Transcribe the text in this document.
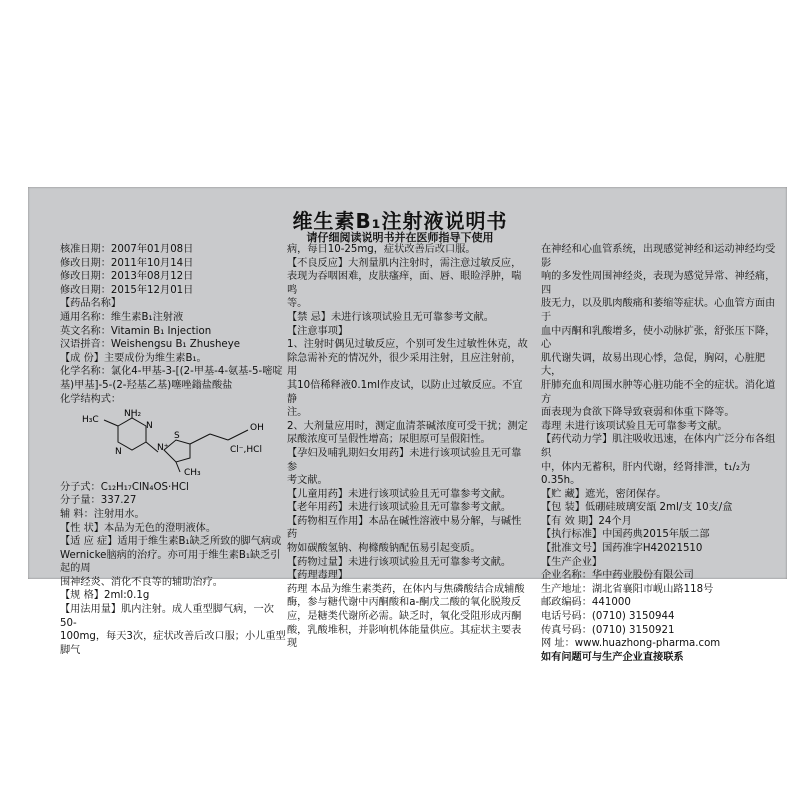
维生素B₁注射液说明书
请仔细阅读说明书并在医师指导下使用

核准日期：2007年01月08日

修改日期：2011年10月14日

修改日期：2013年08月12日

修改日期：2015年12月01日

【药品名称】

通用名称：维生素B₁注射液

英文名称：Vitamin B₁ Injection

汉语拼音：Weishengsu B₁ Zhusheye

【成 份】主要成份为维生素B₁。

化学名称：氯化4-甲基-3-[(2-甲基-4-氨基-5-嘧啶

基)甲基]-5-(2-羟基乙基)噻唑鎓盐酸盐

化学结构式：

NH₂
N
N
H₃C
N⁺
S
CH₃
OH
Cl⁻,HCl

分子式：C₁₂H₁₇ClN₄OS·HCl

分子量：337.27

辅 料：注射用水。

【性 状】本品为无色的澄明液体。

【适 应 症】适用于维生素B₁缺乏所致的脚气病或

Wernicke脑病的治疗。亦可用于维生素B₁缺乏引起的周

围神经炎、消化不良等的辅助治疗。

【规 格】2ml:0.1g

【用法用量】肌内注射。成人重型脚气病，一次50-

100mg，每天3次，症状改善后改口服；小儿重型脚气

病，每日10-25mg，症状改善后改口服。

【不良反应】大剂量肌内注射时，需注意过敏反应，

表现为吞咽困难，皮肤瘙痒，面、唇、眼睑浮肿，喘鸣

等。

【禁 忌】未进行该项试验且无可靠参考文献。

【注意事项】

1、注射时偶见过敏反应，个别可发生过敏性休克，故

除急需补充的情况外，很少采用注射，且应注射前，用

其10倍稀释液0.1ml作皮试，以防止过敏反应。不宜静

注。

2、大剂量应用时，测定血清茶碱浓度可受干扰；测定

尿酸浓度可呈假性增高；尿胆原可呈假阳性。

【孕妇及哺乳期妇女用药】未进行该项试验且无可靠参

考文献。

【儿童用药】未进行该项试验且无可靠参考文献。

【老年用药】未进行该项试验且无可靠参考文献。

【药物相互作用】本品在碱性溶液中易分解，与碱性药

物如碳酸氢钠、枸橼酸钠配伍易引起变质。

【药物过量】未进行该项试验且无可靠参考文献。

【药理毒理】

药理 本品为维生素类药，在体内与焦磷酸结合成辅酸

酶，参与糖代谢中丙酮酸和a-酮戊二酸的氧化脱羧反

应，是糖类代谢所必需。缺乏时，氧化受阻形成丙酮

酸，乳酸堆积，并影响机体能量供应。其症状主要表现

在神经和心血管系统，出现感觉神经和运动神经均受影

响的多发性周围神经炎，表现为感觉异常、神经痛，四

肢无力，以及肌肉酸痛和萎缩等症状。心血管方面由于

血中丙酮和乳酸增多，使小动脉扩张，舒张压下降，心

肌代谢失调，故易出现心悸，急促，胸闷，心脏肥大，

肝肺充血和周围水肿等心脏功能不全的症状。消化道方

面表现为食欲下降导致衰弱和体重下降等。

毒理 未进行该项试验且无可靠参考文献。

【药代动力学】肌注吸收迅速，在体内广泛分布各组织

中，体内无蓄积，肝内代谢，经肾排泄，t₁/₂为0.35h。

【贮 藏】遮光，密闭保存。

【包 装】低硼硅玻璃安瓿 2ml/支 10支/盒

【有 效 期】24个月

【执行标准】中国药典2015年版二部

【批准文号】国药准字H42021510

【生产企业】

企业名称：华中药业股份有限公司

生产地址：湖北省襄阳市岘山路118号

邮政编码：441000

电话号码：(0710) 3150944

传真号码：(0710) 3150921

网 址：www.huazhong-pharma.com

如有问题可与生产企业直接联系
